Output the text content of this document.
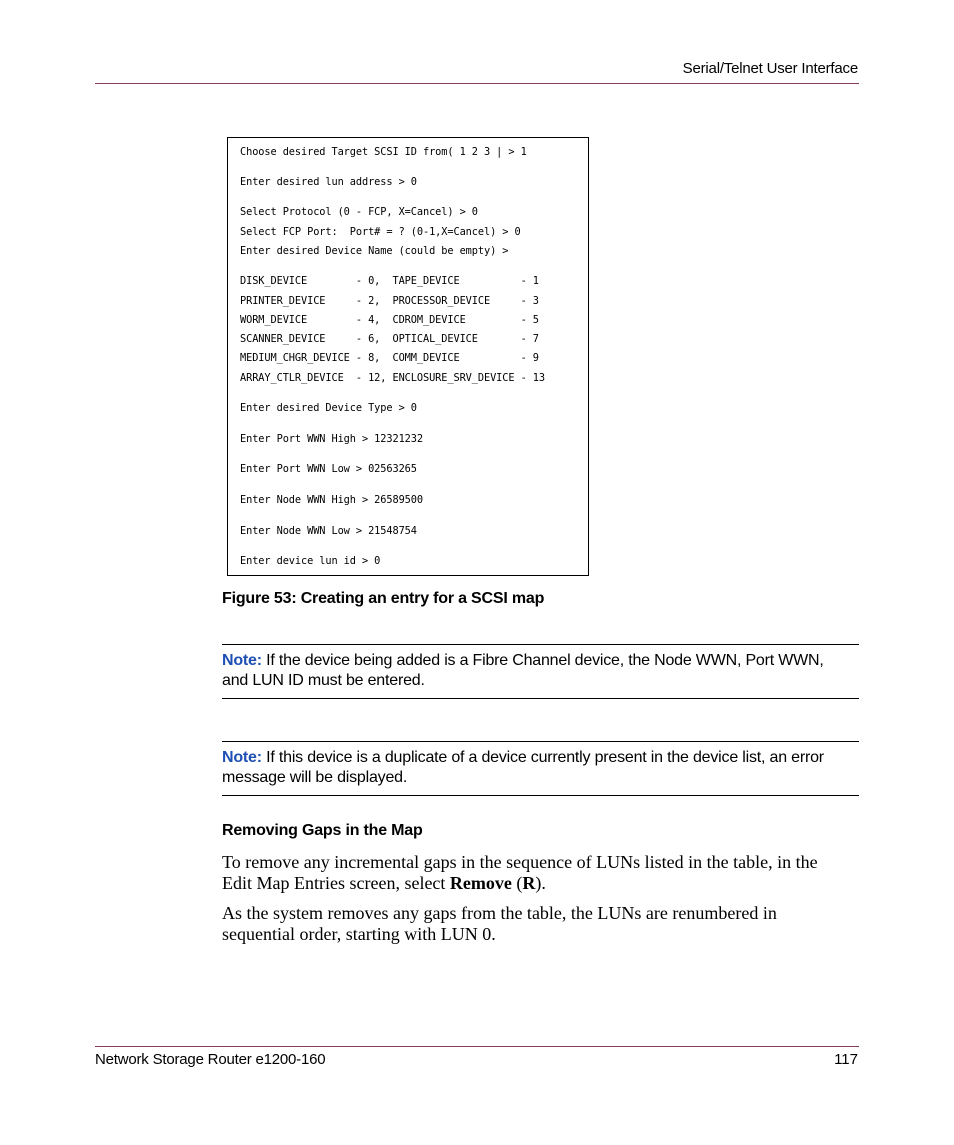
Serial/Telnet User Interface
Choose desired Target SCSI ID from( 1 2 3 | > 1
Enter desired lun address > 0
Select Protocol (0 - FCP, X=Cancel) > 0
Select FCP Port:  Port# = ? (0-1,X=Cancel) > 0
Enter desired Device Name (could be empty) >
DISK_DEVICE        - 0,  TAPE_DEVICE          - 1
PRINTER_DEVICE     - 2,  PROCESSOR_DEVICE     - 3
WORM_DEVICE        - 4,  CDROM_DEVICE         - 5
SCANNER_DEVICE     - 6,  OPTICAL_DEVICE       - 7
MEDIUM_CHGR_DEVICE - 8,  COMM_DEVICE          - 9
ARRAY_CTLR_DEVICE  - 12, ENCLOSURE_SRV_DEVICE - 13
Enter desired Device Type > 0
Enter Port WWN High > 12321232
Enter Port WWN Low > 02563265
Enter Node WWN High > 26589500
Enter Node WWN Low > 21548754
Enter device lun id > 0
Figure 53: Creating an entry for a SCSI map
Note: If the device being added is a Fibre Channel device, the Node WWN, Port WWN, and LUN ID must be entered.
Note: If this device is a duplicate of a device currently present in the device list, an error message will be displayed.
Removing Gaps in the Map
To remove any incremental gaps in the sequence of LUNs listed in the table, in the Edit Map Entries screen, select Remove (R).
As the system removes any gaps from the table, the LUNs are renumbered in sequential order, starting with LUN 0.
Network Storage Router e1200-160	117
